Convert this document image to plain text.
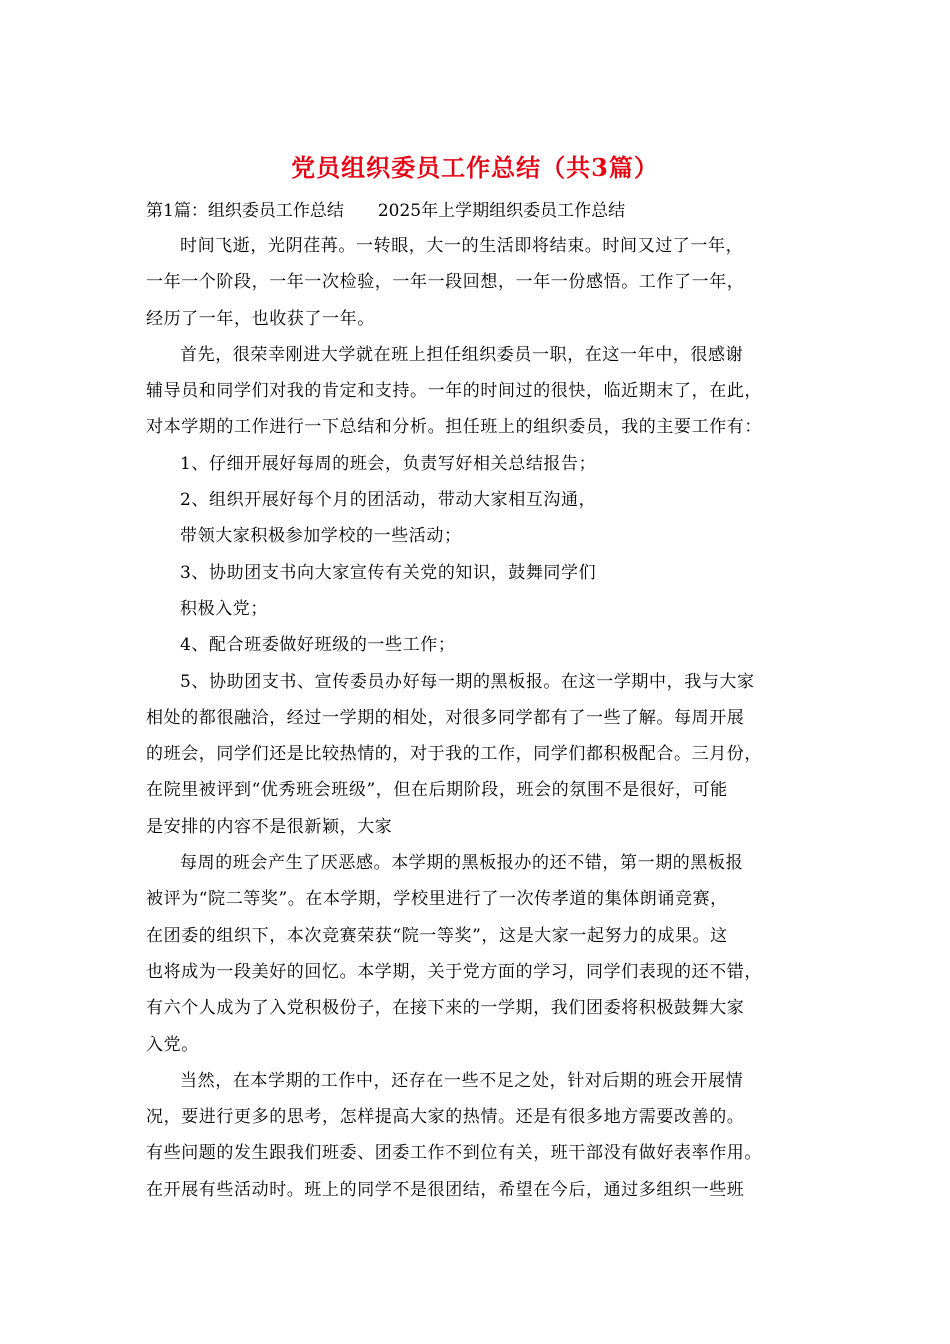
党员组织委员工作总结（共3篇）
第1篇：组织委员工作总结　　2025年上学期组织委员工作总结
时间飞逝，光阴荏苒。一转眼，大一的生活即将结束。时间又过了一年，
一年一个阶段，一年一次检验，一年一段回想，一年一份感悟。工作了一年，
经历了一年，也收获了一年。
首先，很荣幸刚进大学就在班上担任组织委员一职，在这一年中，很感谢
辅导员和同学们对我的肯定和支持。一年的时间过的很快，临近期末了，在此，
对本学期的工作进行一下总结和分析。担任班上的组织委员，我的主要工作有：
1、仔细开展好每周的班会，负责写好相关总结报告；
2、组织开展好每个月的团活动，带动大家相互沟通，
带领大家积极参加学校的一些活动；
3、协助团支书向大家宣传有关党的知识，鼓舞同学们
积极入党；
4、配合班委做好班级的一些工作；
5、协助团支书、宣传委员办好每一期的黑板报。在这一学期中，我与大家
相处的都很融洽，经过一学期的相处，对很多同学都有了一些了解。每周开展
的班会，同学们还是比较热情的，对于我的工作，同学们都积极配合。三月份，
在院里被评到“优秀班会班级”，但在后期阶段，班会的氛围不是很好，可能
是安排的内容不是很新颖，大家
每周的班会产生了厌恶感。本学期的黑板报办的还不错，第一期的黑板报
被评为“院二等奖”。在本学期，学校里进行了一次传孝道的集体朗诵竞赛，
在团委的组织下，本次竞赛荣获“院一等奖”，这是大家一起努力的成果。这
也将成为一段美好的回忆。本学期，关于党方面的学习，同学们表现的还不错，
有六个人成为了入党积极份子，在接下来的一学期，我们团委将积极鼓舞大家
入党。
当然，在本学期的工作中，还存在一些不足之处，针对后期的班会开展情
况，要进行更多的思考，怎样提高大家的热情。还是有很多地方需要改善的。
有些问题的发生跟我们班委、团委工作不到位有关，班干部没有做好表率作用。
在开展有些活动时。班上的同学不是很团结，希望在今后，通过多组织一些班
